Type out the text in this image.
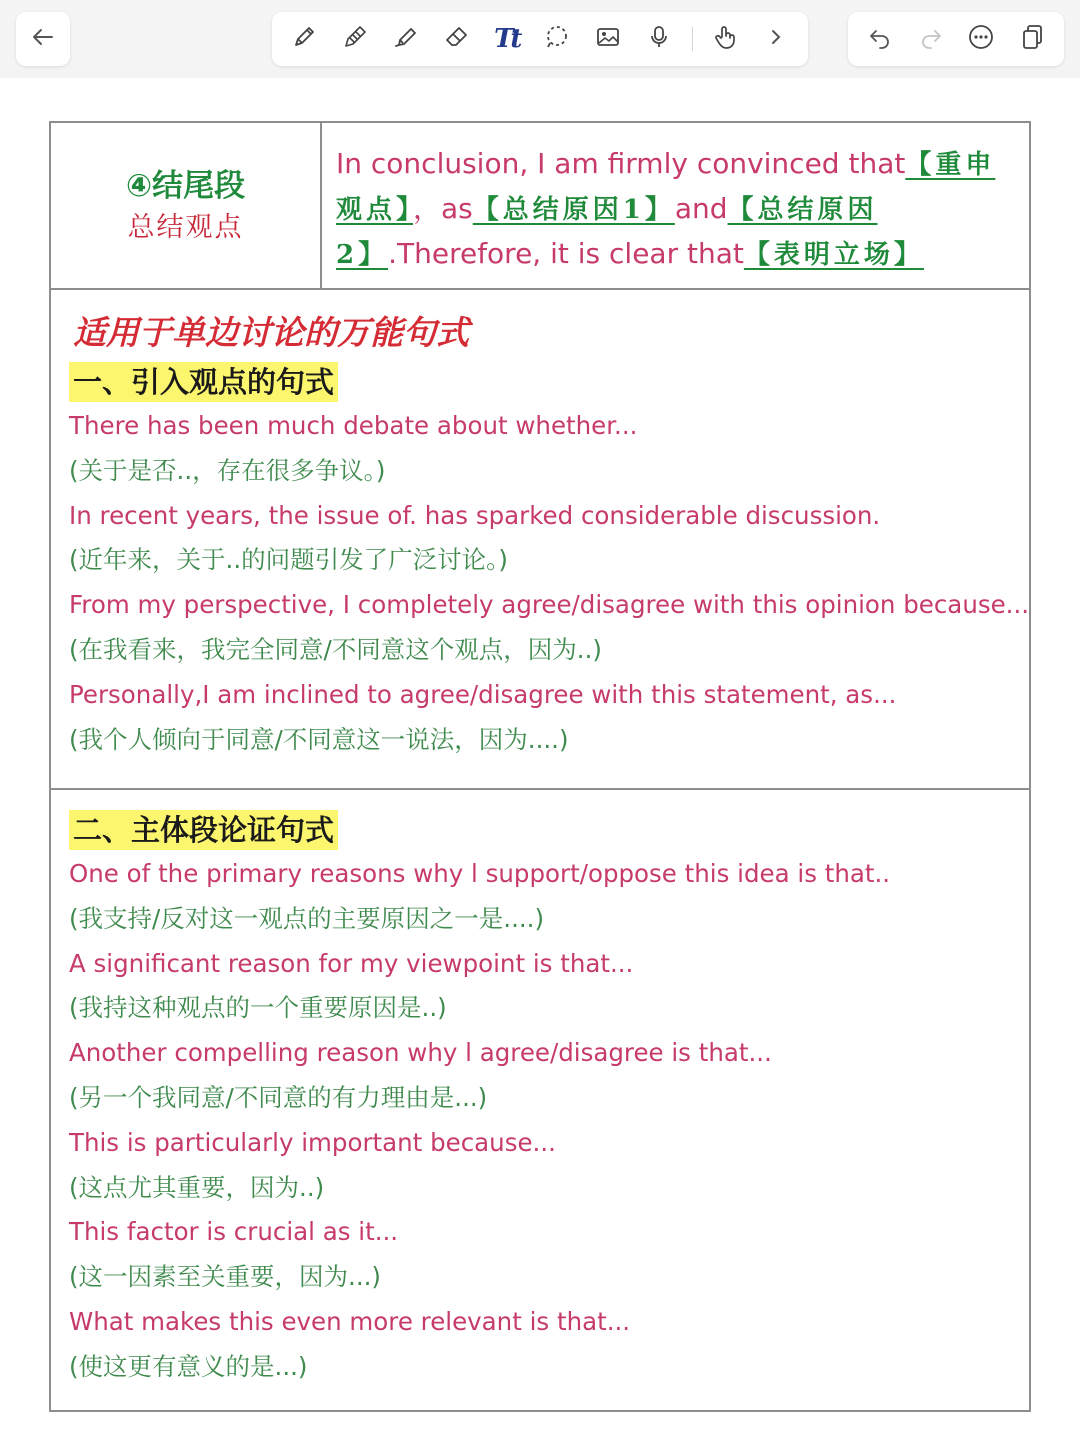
Tt
④结尾段
总结观点
In conclusion, I am firmly convinced that【重申观点】，as【总结原因1】and【总结原因2】.Therefore, it is clear that【表明立场】
适用于单边讨论的万能句式
一、引入观点的句式
There has been much debate about whether...
(关于是否..，存在很多争议。)
In recent years, the issue of. has sparked considerable discussion.
(近年来，关于..的问题引发了广泛讨论。)
From my perspective, I completely agree/disagree with this opinion because...
(在我看来，我完全同意/不同意这个观点，因为..)
Personally,I am inclined to agree/disagree with this statement, as...
(我个人倾向于同意/不同意这一说法，因为....)
二、主体段论证句式
One of the primary reasons why l support/oppose this idea is that..
(我支持/反对这一观点的主要原因之一是....)
A significant reason for my viewpoint is that...
(我持这种观点的一个重要原因是..)
Another compelling reason why l agree/disagree is that...
(另一个我同意/不同意的有力理由是...)
This is particularly important because...
(这点尤其重要，因为..)
This factor is crucial as it...
(这一因素至关重要，因为...)
What makes this even more relevant is that...
(使这更有意义的是...)
